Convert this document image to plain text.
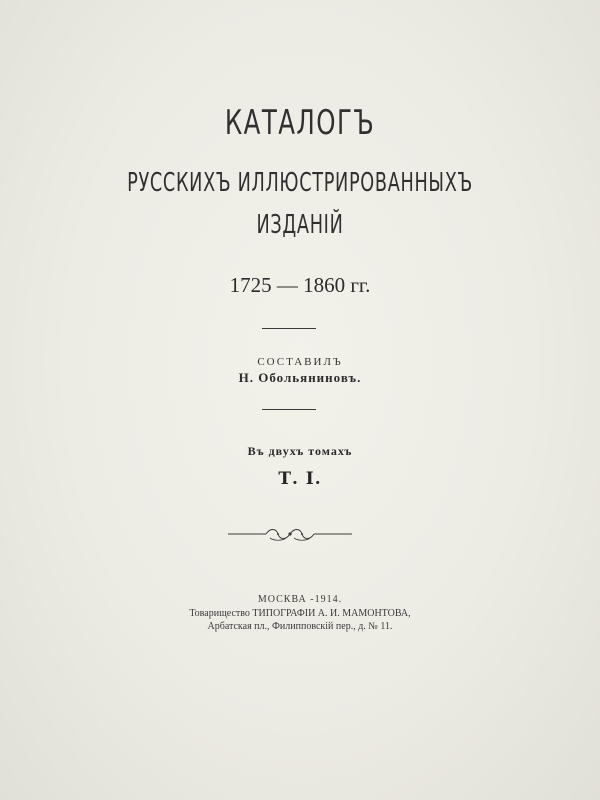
КАТАЛОГЪ
РУССКИХЪ ИЛЛЮСТРИРОВАННЫХЪ
ИЗДАНІЙ
1725 — 1860 гг.
СОСТАВИЛЪ
Н. Обольяниновъ.
Въ двухъ томахъ
Т. I.
МОСКВА -1914.
Товарищество ТИПОГРАФІИ А. И. МАМОНТОВА,
Арбатская пл., Филипповскій пер., д. № 11.
